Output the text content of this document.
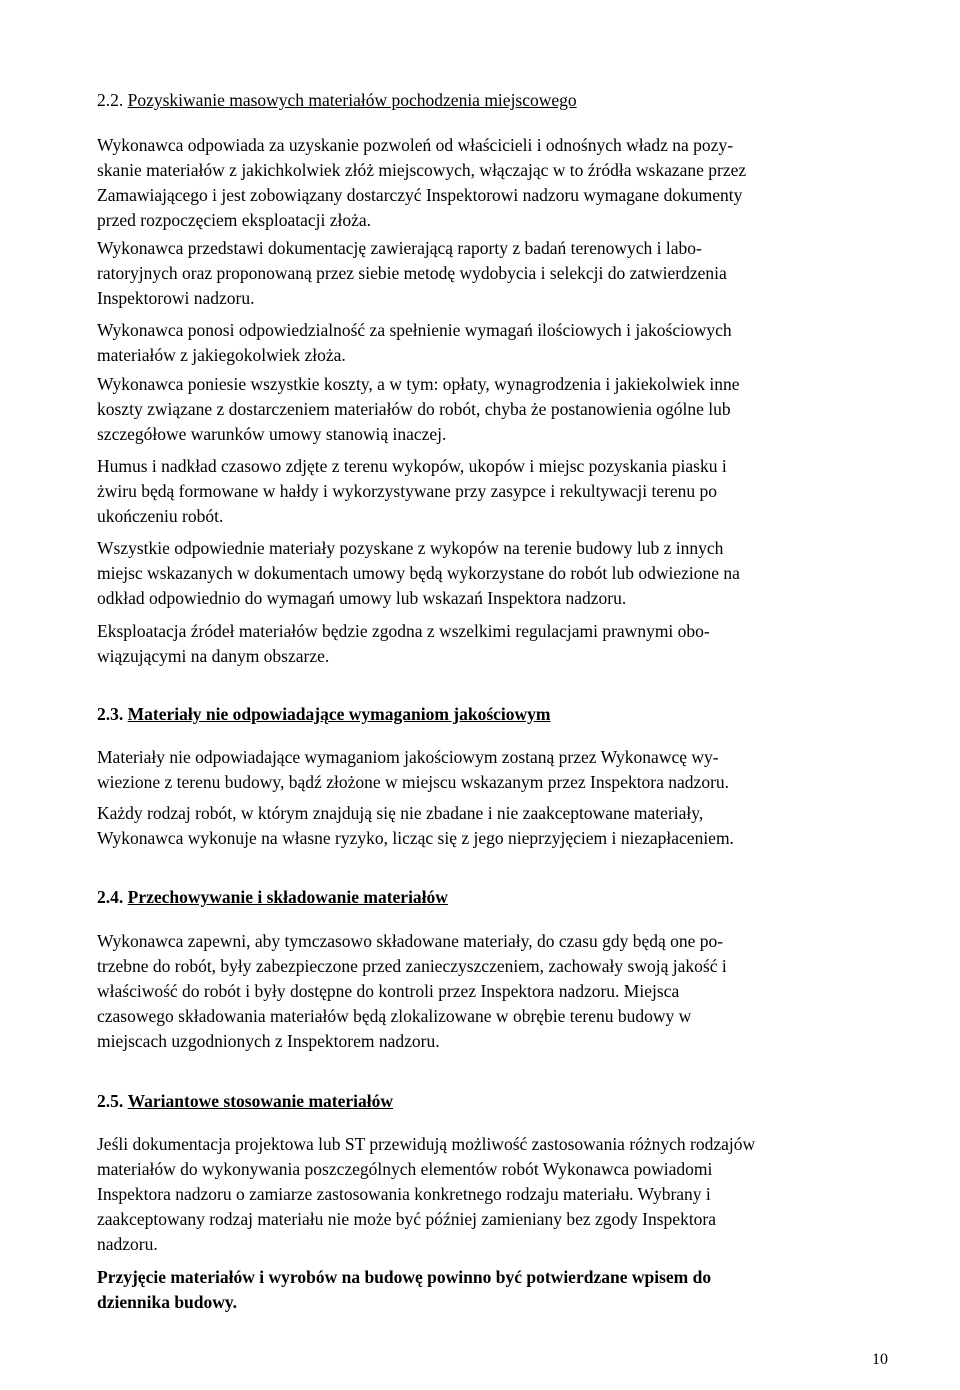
2.2. Pozyskiwanie masowych materiałów pochodzenia miejscowego
Wykonawca odpowiada za uzyskanie pozwoleń od właścicieli i odnośnych władz na pozy-
skanie materiałów z jakichkolwiek złóż miejscowych, włączając w to źródła wskazane przez
Zamawiającego i jest zobowiązany dostarczyć Inspektorowi nadzoru wymagane dokumenty
przed rozpoczęciem eksploatacji złoża.
Wykonawca przedstawi dokumentację zawierającą raporty z badań terenowych i labo-
ratoryjnych oraz proponowaną przez siebie metodę wydobycia i selekcji do zatwierdzenia
Inspektorowi nadzoru.
Wykonawca ponosi odpowiedzialność za spełnienie wymagań ilościowych i jakościowych
materiałów z jakiegokolwiek złoża.
Wykonawca poniesie wszystkie koszty, a w tym: opłaty, wynagrodzenia i jakiekolwiek inne
koszty związane z dostarczeniem materiałów do robót, chyba że postanowienia ogólne lub
szczegółowe warunków umowy stanowią inaczej.
Humus i nadkład czasowo zdjęte z terenu wykopów, ukopów i miejsc pozyskania piasku i
żwiru będą formowane w hałdy i wykorzystywane przy zasypce i rekultywacji terenu po
ukończeniu robót.
Wszystkie odpowiednie materiały pozyskane z wykopów na terenie budowy lub z innych
miejsc wskazanych w dokumentach umowy będą wykorzystane do robót lub odwiezione na
odkład odpowiednio do wymagań umowy lub wskazań Inspektora nadzoru.
Eksploatacja źródeł materiałów będzie zgodna z wszelkimi regulacjami prawnymi obo-
wiązującymi na danym obszarze.
2.3. Materiały nie odpowiadające wymaganiom jakościowym
Materiały nie odpowiadające wymaganiom jakościowym zostaną przez Wykonawcę wy-
wiezione z terenu budowy, bądź złożone w miejscu wskazanym przez Inspektora nadzoru.
Każdy rodzaj robót, w którym znajdują się nie zbadane i nie zaakceptowane materiały,
Wykonawca wykonuje na własne ryzyko, licząc się z jego nieprzyjęciem i niezapłaceniem.
2.4. Przechowywanie i składowanie materiałów
Wykonawca zapewni, aby tymczasowo składowane materiały, do czasu gdy będą one po-
trzebne do robót, były zabezpieczone przed zanieczyszczeniem, zachowały swoją jakość i
właściwość do robót i były dostępne do kontroli przez Inspektora nadzoru. Miejsca
czasowego składowania materiałów będą zlokalizowane w obrębie terenu budowy w
miejscach uzgodnionych z Inspektorem nadzoru.
2.5. Wariantowe stosowanie materiałów
Jeśli dokumentacja projektowa lub ST przewidują możliwość zastosowania różnych rodzajów
materiałów do wykonywania poszczególnych elementów robót Wykonawca powiadomi
Inspektora nadzoru o zamiarze zastosowania konkretnego rodzaju materiału. Wybrany i
zaakceptowany rodzaj materiału nie może być później zamieniany bez zgody Inspektora
nadzoru.
Przyjęcie materiałów i wyrobów na budowę powinno być potwierdzane wpisem do
dziennika budowy.
10
